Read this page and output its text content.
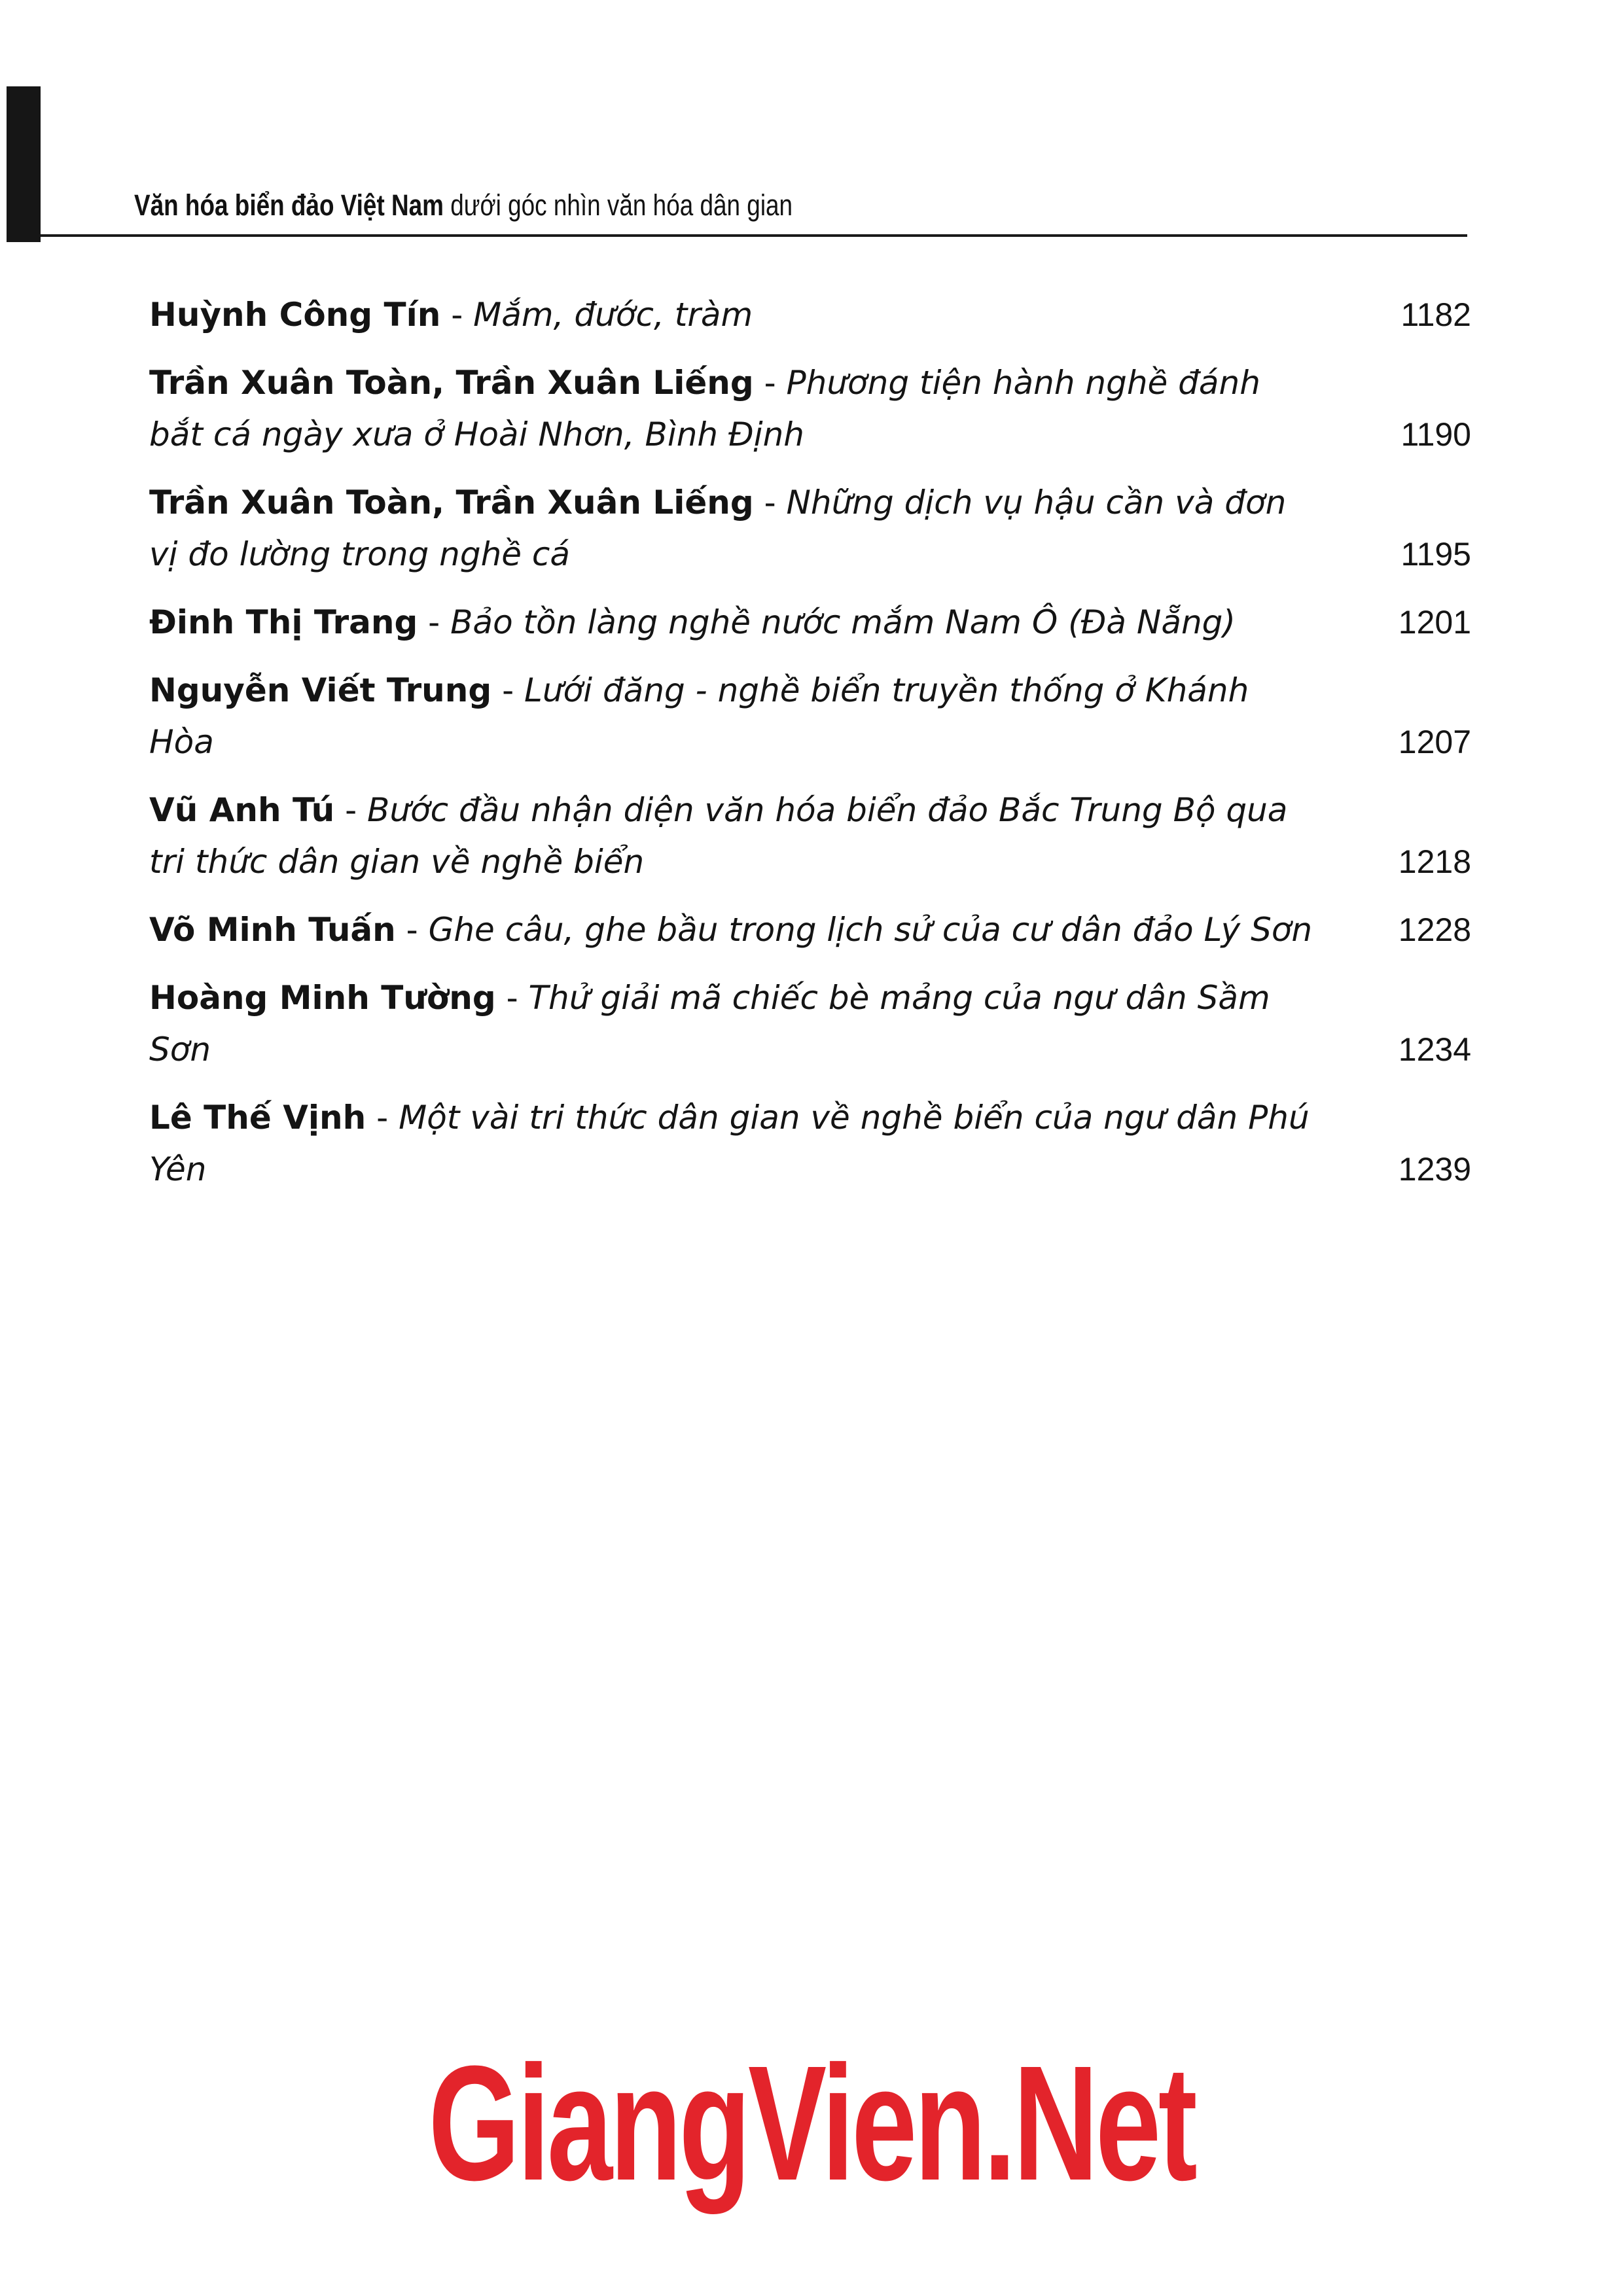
Văn hóa biển đảo Việt Nam dưới góc nhìn văn hóa dân gian
Huỳnh Công Tín - Mắm, đước, tràm	1182
Trần Xuân Toàn, Trần Xuân Liếng - Phương tiện hành nghề đánh bắt cá ngày xưa ở Hoài Nhơn, Bình Định	1190
Trần Xuân Toàn, Trần Xuân Liếng - Những dịch vụ hậu cần và đơn vị đo lường trong nghề cá	1195
Đinh Thị Trang - Bảo tồn làng nghề nước mắm Nam Ô (Đà Nẵng)	1201
Nguyễn Viết Trung - Lưới đăng - nghề biển truyền thống ở Khánh Hòa	1207
Vũ Anh Tú - Bước đầu nhận diện văn hóa biển đảo Bắc Trung Bộ qua tri thức dân gian về nghề biển	1218
Võ Minh Tuấn - Ghe câu, ghe bầu trong lịch sử của cư dân đảo Lý Sơn	1228
Hoàng Minh Tường - Thử giải mã chiếc bè mảng của ngư dân Sầm Sơn	1234
Lê Thế Vịnh - Một vài tri thức dân gian về nghề biển của ngư dân Phú Yên	1239
GiangVien.Net
